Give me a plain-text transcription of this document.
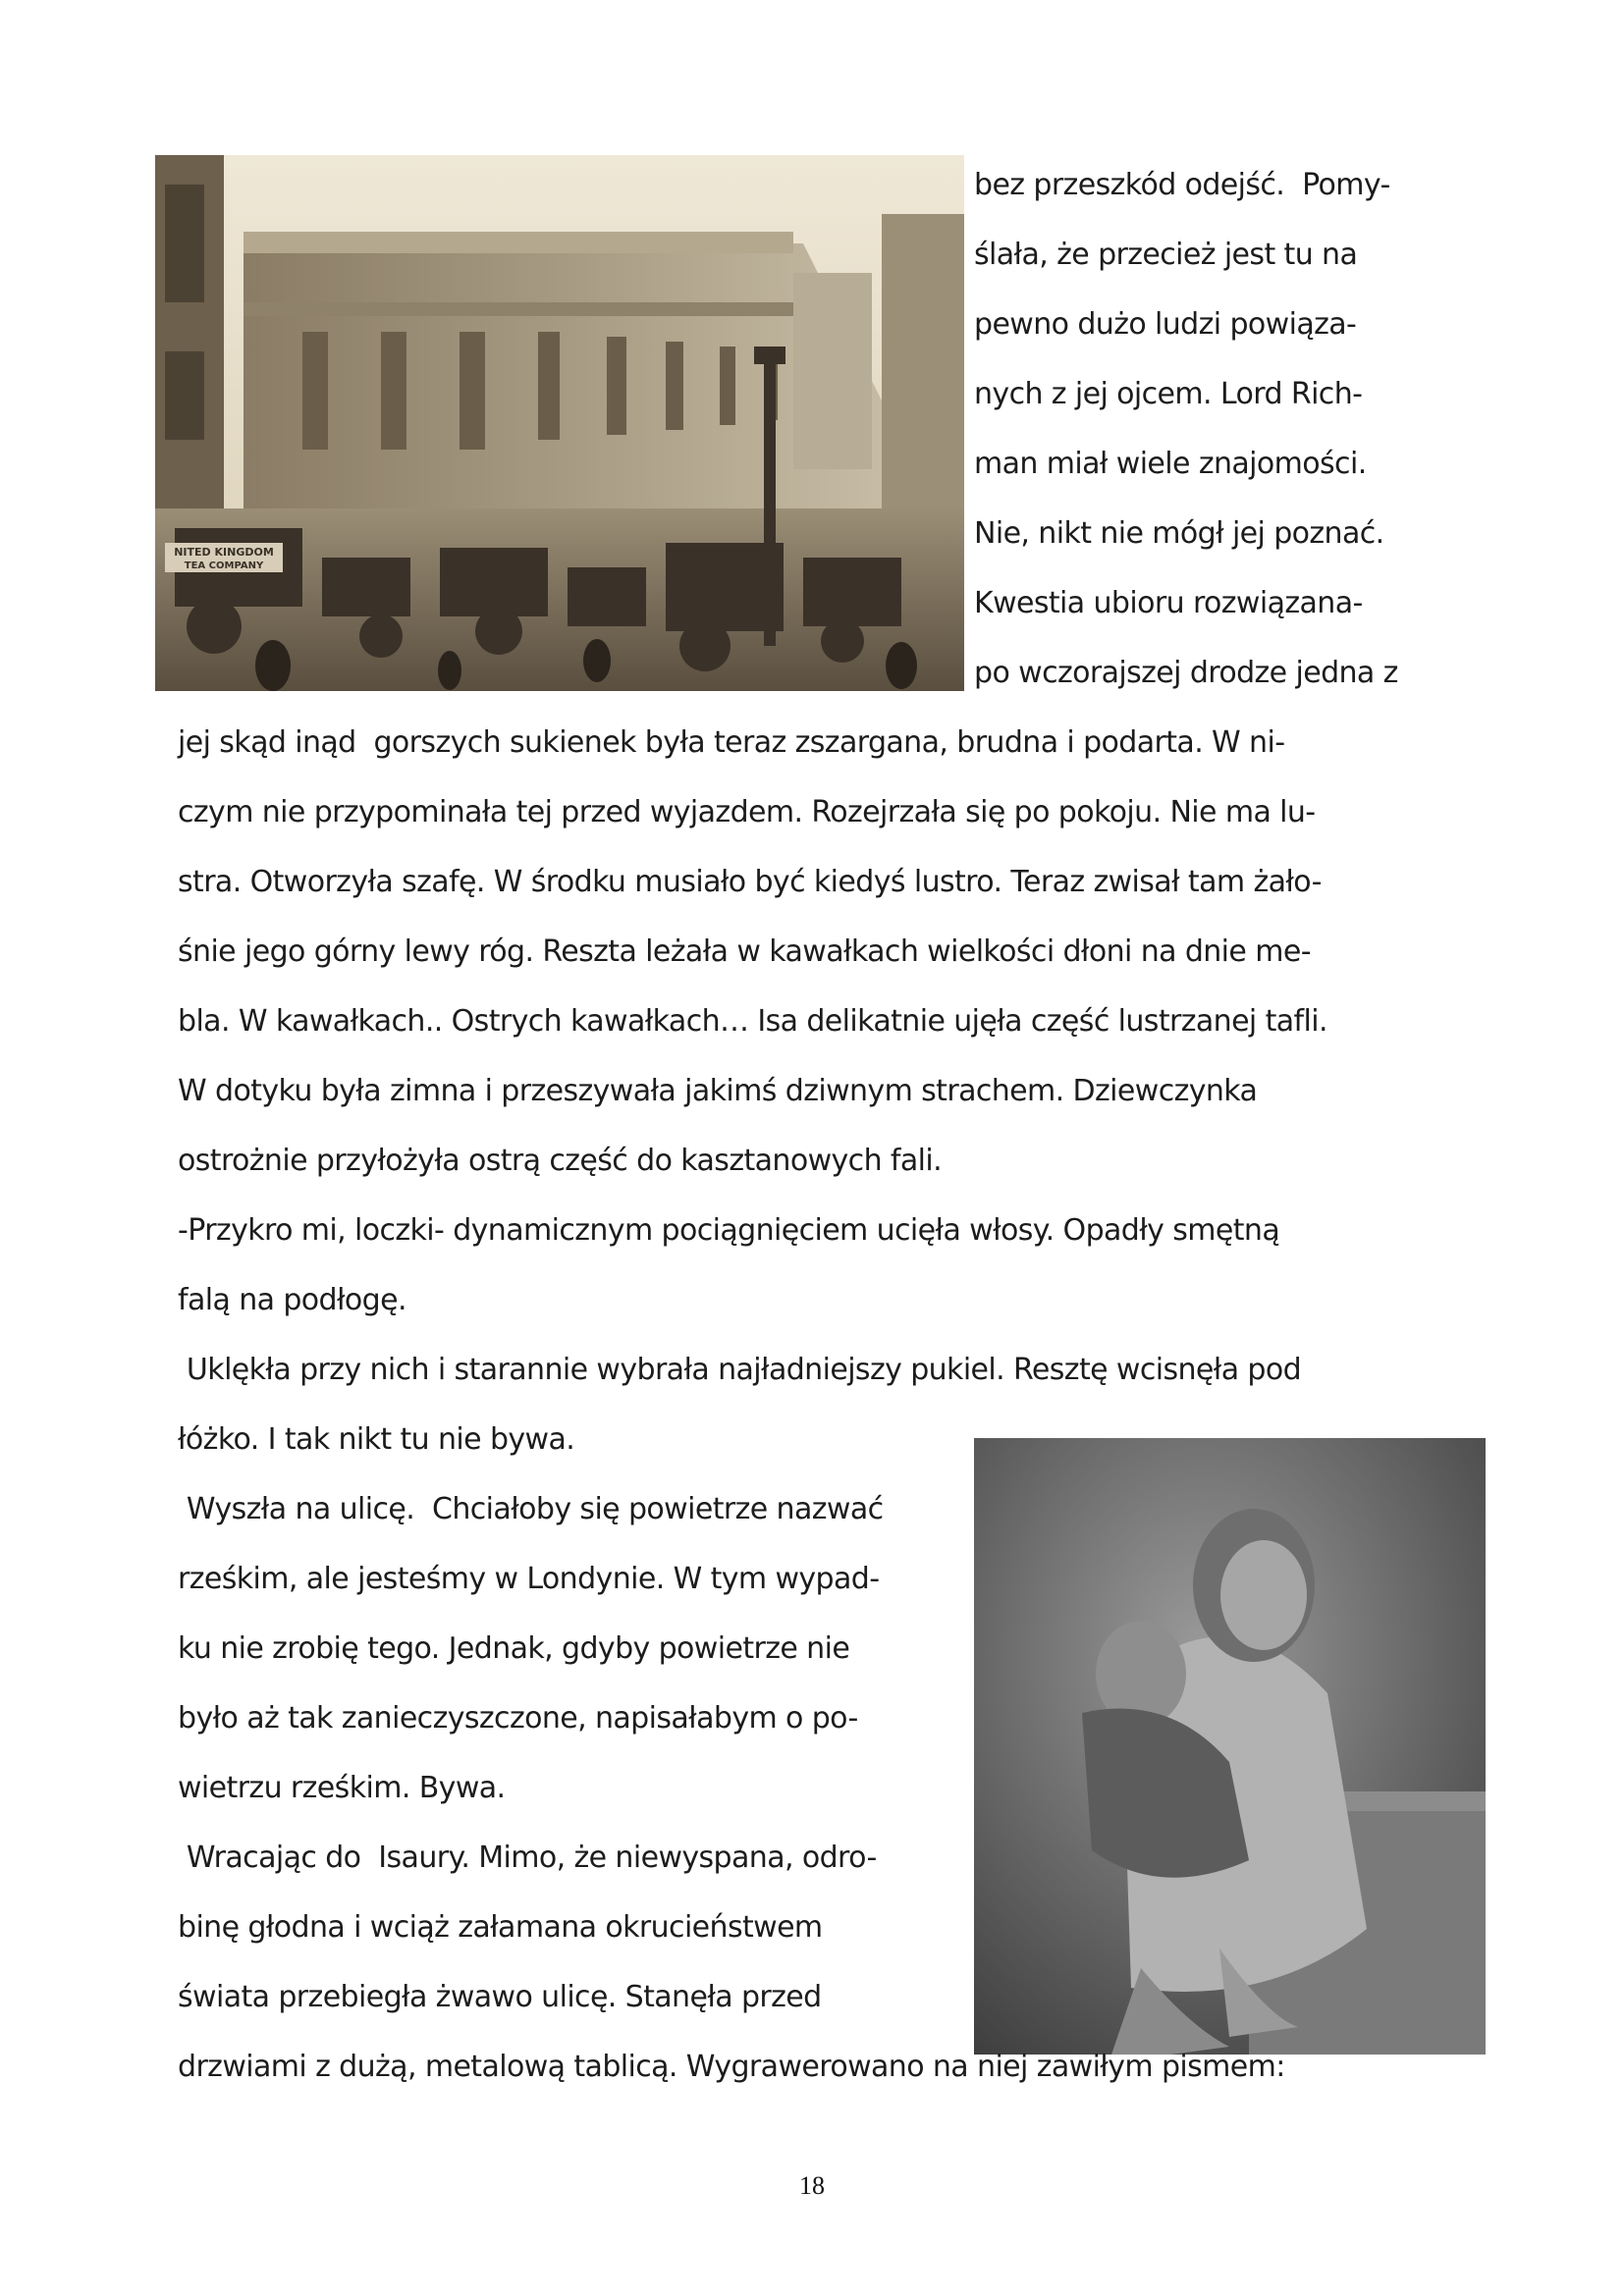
NITED KINGDOM
TEA COMPANY
bez przeszkód odejść.  Pomy-
ślała, że przecież jest tu na
pewno dużo ludzi powiąza-
nych z jej ojcem. Lord Rich-
man miał wiele znajomości.
Nie, nikt nie mógł jej poznać.
Kwestia ubioru rozwiązana-
po wczorajszej drodze jedna z
jej skąd inąd  gorszych sukienek była teraz zszargana, brudna i podarta. W ni-
czym nie przypominała tej przed wyjazdem. Rozejrzała się po pokoju. Nie ma lu-
stra. Otworzyła szafę. W środku musiało być kiedyś lustro. Teraz zwisał tam żało-
śnie jego górny lewy róg. Reszta leżała w kawałkach wielkości dłoni na dnie me-
bla. W kawałkach.. Ostrych kawałkach… Isa delikatnie ujęła część lustrzanej tafli.
W dotyku była zimna i przeszywała jakimś dziwnym strachem. Dziewczynka
ostrożnie przyłożyła ostrą część do kasztanowych fali.
-Przykro mi, loczki- dynamicznym pociągnięciem ucięła włosy. Opadły smętną
falą na podłogę.
Uklękła przy nich i starannie wybrała najładniejszy pukiel. Resztę wcisnęła pod
łóżko. I tak nikt tu nie bywa.
Wyszła na ulicę.  Chciałoby się powietrze nazwać
rześkim, ale jesteśmy w Londynie. W tym wypad-
ku nie zrobię tego. Jednak, gdyby powietrze nie
było aż tak zanieczyszczone, napisałabym o po-
wietrzu rześkim. Bywa.
Wracając do  Isaury. Mimo, że niewyspana, odro-
binę głodna i wciąż załamana okrucieństwem
świata przebiegła żwawo ulicę. Stanęła przed
drzwiami z dużą, metalową tablicą. Wygrawerowano na niej zawiłym pismem:
18
